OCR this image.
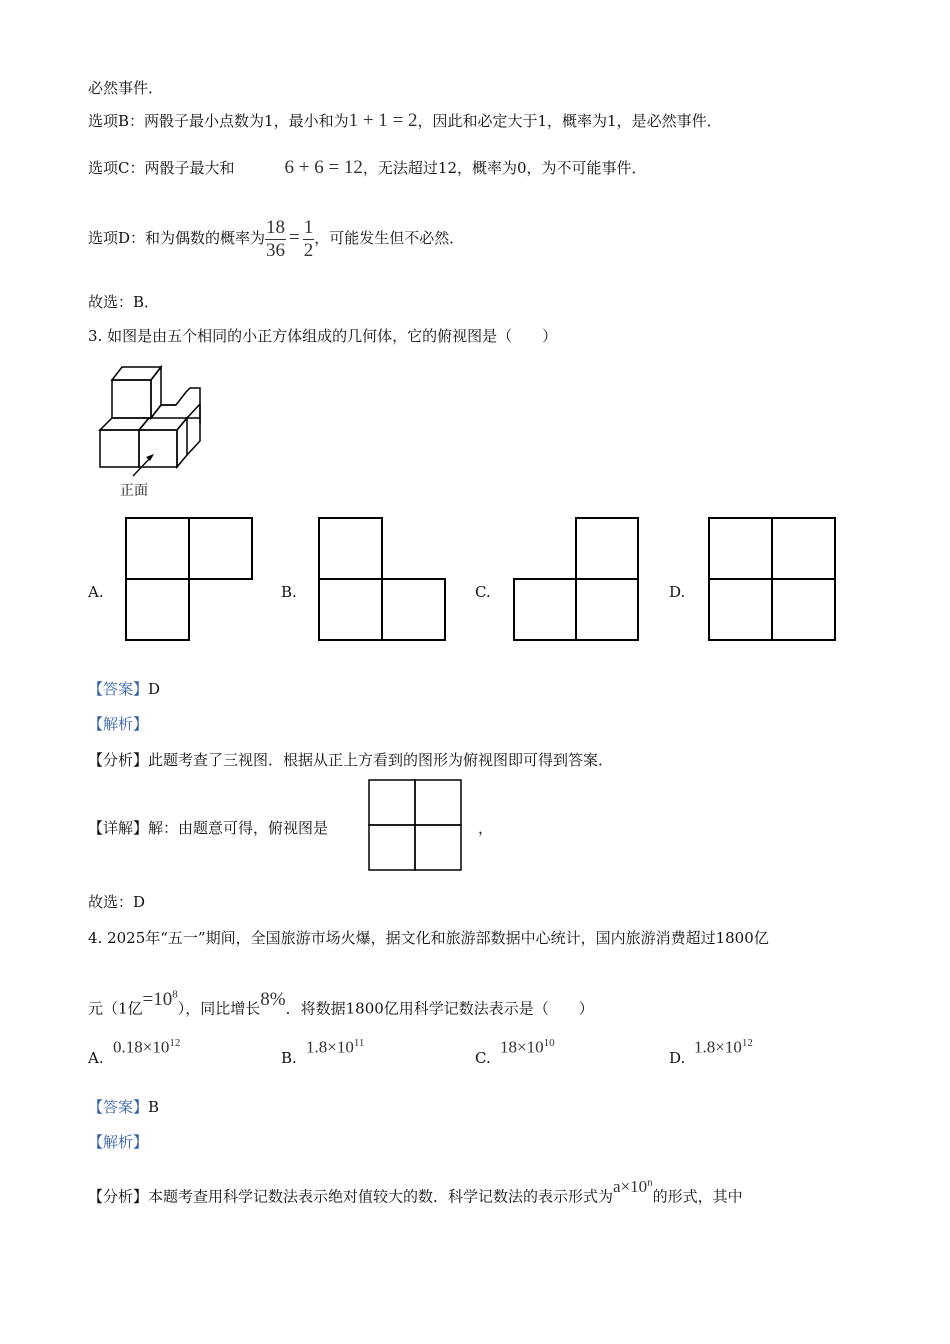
必然事件．
选项B：两骰子最小点数为1，最小和为1 + 1 = 2，因此和必定大于1，概率为1，是必然事件．
选项C：两骰子最大和	6 + 6 = 12，无法超过12，概率为0，为不可能事件．
选项D：和为偶数的概率为 $\frac{18}{36} = \frac{1}{2}$ ，可能发生但不必然．
故选：B．
3. 如图是由五个相同的小正方体组成的几何体，它的俯视图是（　　）
正面
A.	B.	C.	D.
【答案】D
【解析】
【分析】此题考查了三视图．根据从正上方看到的图形为俯视图即可得到答案．
【详解】解：由题意可得，俯视图是	，
故选：D
4. 2025年“五一”期间，全国旅游市场火爆，据文化和旅游部数据中心统计，国内旅游消费超过1800亿
元（1亿$=10^8$），同比增长8%．将数据1800亿用科学记数法表示是（　　）
A.
$0.18\times 10^{12}$
B.
$1.8\times 10^{11}$
C.
$18\times 10^{10}$
D.
$1.8\times 10^{12}$
【答案】B
【解析】
【分析】本题考查用科学记数法表示绝对值较大的数．科学记数法的表示形式为$a\times 10^n$的形式，其中
